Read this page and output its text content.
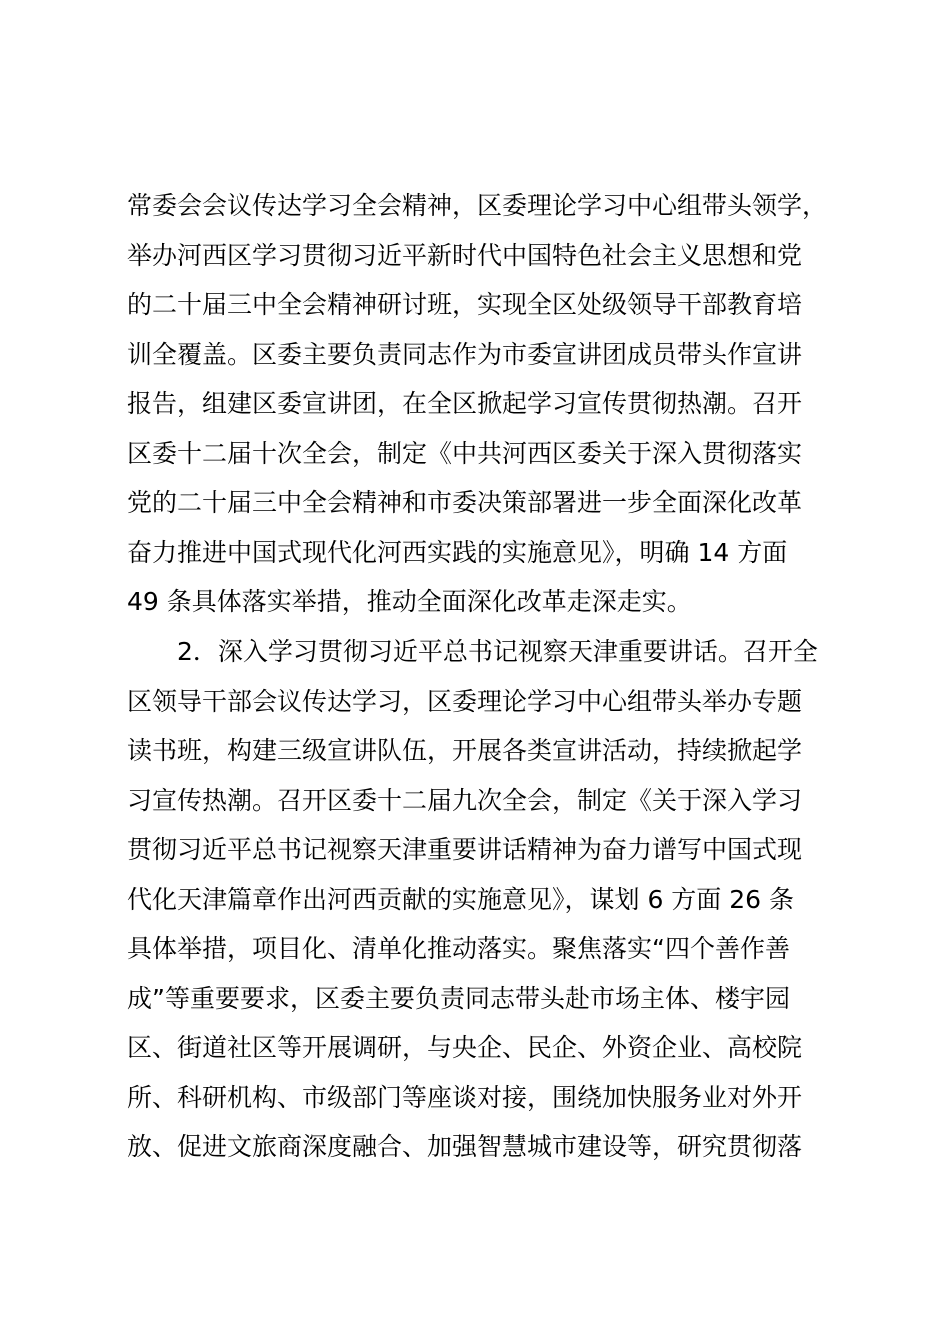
常委会会议传达学习全会精神，区委理论学习中心组带头领学，
举办河西区学习贯彻习近平新时代中国特色社会主义思想和党
的二十届三中全会精神研讨班，实现全区处级领导干部教育培
训全覆盖。区委主要负责同志作为市委宣讲团成员带头作宣讲
报告，组建区委宣讲团，在全区掀起学习宣传贯彻热潮。召开
区委十二届十次全会，制定《中共河西区委关于深入贯彻落实
党的二十届三中全会精神和市委决策部署进一步全面深化改革
奋力推进中国式现代化河西实践的实施意见》，明确 14 方面
49 条具体落实举措，推动全面深化改革走深走实。
　　2．深入学习贯彻习近平总书记视察天津重要讲话。召开全
区领导干部会议传达学习，区委理论学习中心组带头举办专题
读书班，构建三级宣讲队伍，开展各类宣讲活动，持续掀起学
习宣传热潮。召开区委十二届九次全会，制定《关于深入学习
贯彻习近平总书记视察天津重要讲话精神为奋力谱写中国式现
代化天津篇章作出河西贡献的实施意见》，谋划 6 方面 26 条
具体举措，项目化、清单化推动落实。聚焦落实“四个善作善
成”等重要要求，区委主要负责同志带头赴市场主体、楼宇园
区、街道社区等开展调研，与央企、民企、外资企业、高校院
所、科研机构、市级部门等座谈对接，围绕加快服务业对外开
放、促进文旅商深度融合、加强智慧城市建设等，研究贯彻落
